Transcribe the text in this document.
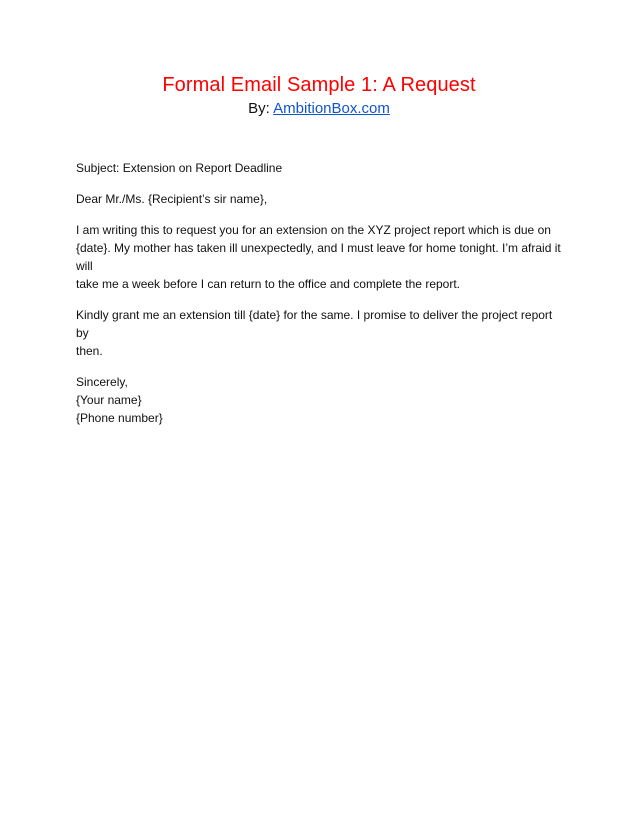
Formal Email Sample 1: A Request
By: AmbitionBox.com

Subject: Extension on Report Deadline

Dear Mr./Ms. {Recipient’s sir name},

I am writing this to request you for an extension on the XYZ project report which is due on
{date}. My mother has taken ill unexpectedly, and I must leave for home tonight. I’m afraid it will
take me a week before I can return to the office and complete the report.

Kindly grant me an extension till {date} for the same. I promise to deliver the project report by
then.

Sincerely,
{Your name}
{Phone number}
